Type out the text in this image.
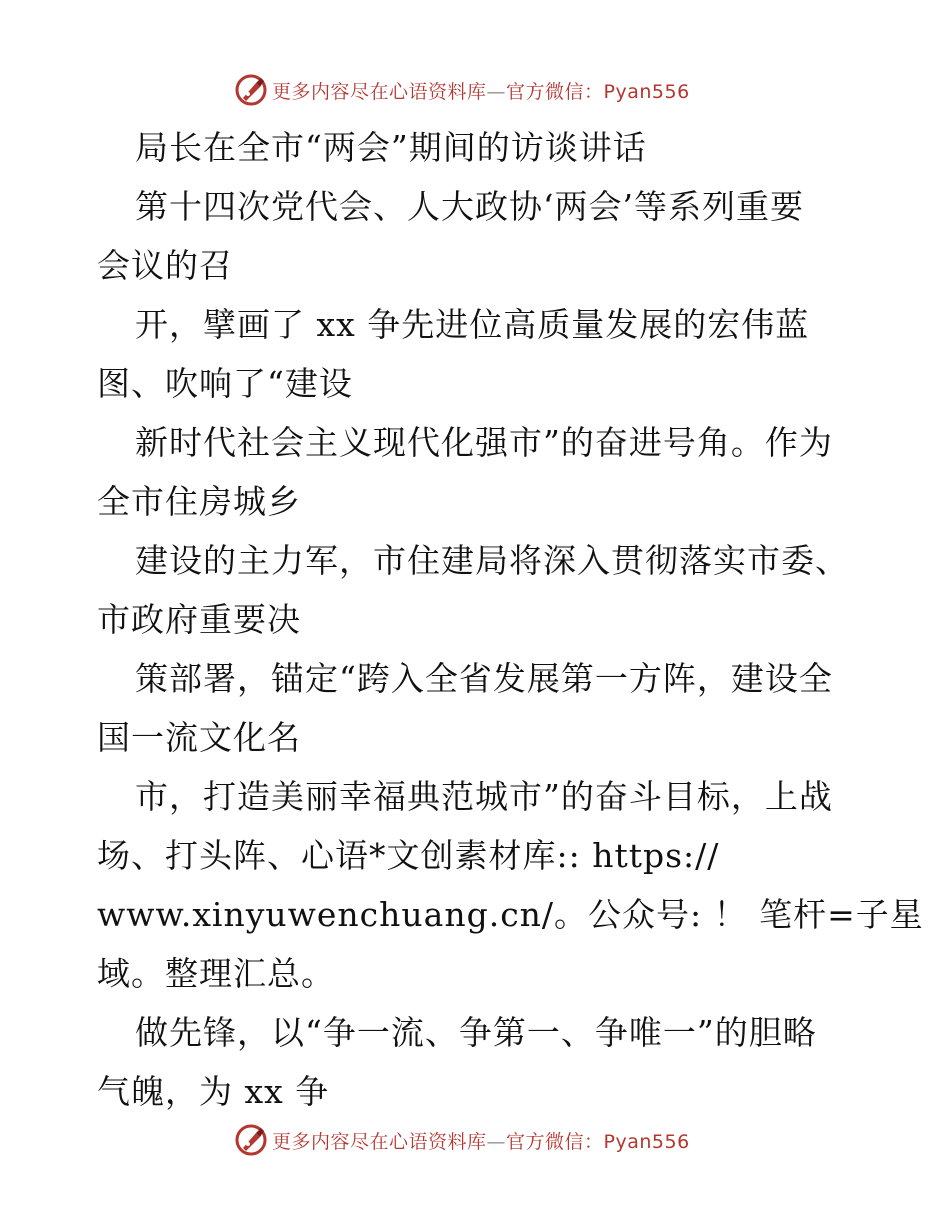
更多内容尽在心语资料库—官方微信：Pyan556
局长在全市“两会”期间的访谈讲话
第十四次党代会、人大政协‘两会’等系列重要
会议的召
开，擘画了 xx 争先进位高质量发展的宏伟蓝
图、吹响了“建设
新时代社会主义现代化强市”的奋进号角。作为
全市住房城乡
建设的主力军，市住建局将深入贯彻落实市委、
市政府重要决
策部署，锚定“跨入全省发展第一方阵，建设全
国一流文化名
市，打造美丽幸福典范城市”的奋斗目标，上战
场、打头阵、心语*文创素材库:: https://
www.xinyuwenchuang.cn/。公众号: ！ 笔杆=子星
域。整理汇总。
做先锋，以“争一流、争第一、争唯一”的胆略
气魄，为 xx 争
更多内容尽在心语资料库—官方微信：Pyan556
